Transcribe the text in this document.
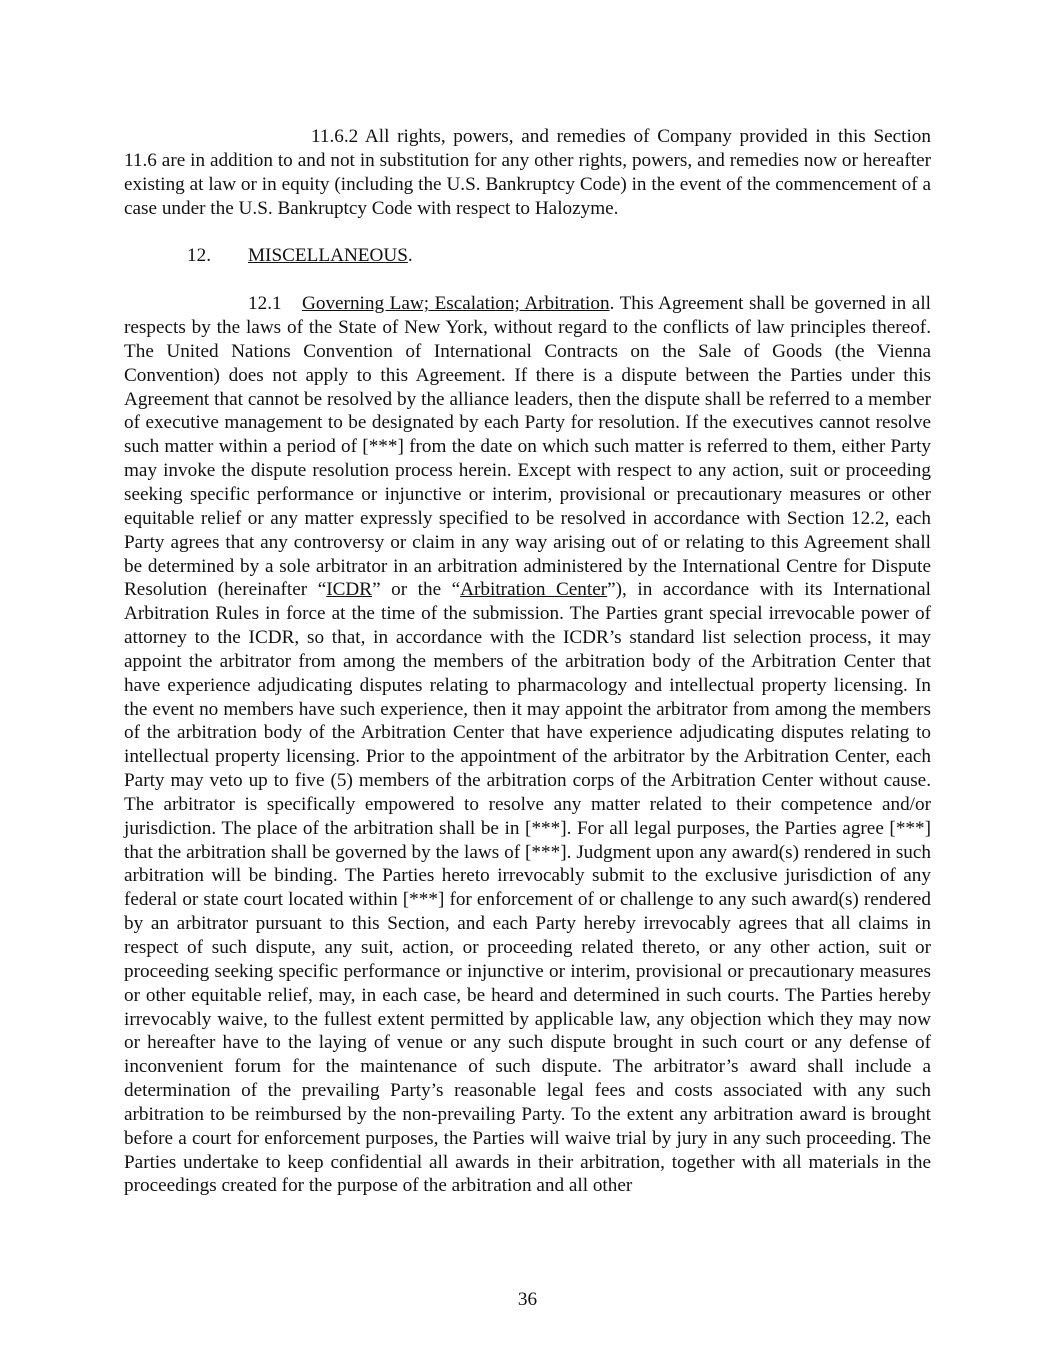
11.6.2 All rights, powers, and remedies of Company provided in this Section 11.6 are in addition to and not in substitution for any other rights, powers, and remedies now or hereafter existing at law or in equity (including the U.S. Bankruptcy Code) in the event of the commencement of a case under the U.S. Bankruptcy Code with respect to Halozyme.

12.	MISCELLANEOUS.

12.1 Governing Law; Escalation; Arbitration. This Agreement shall be governed in all respects by the laws of the State of New York, without regard to the conflicts of law principles thereof. The United Nations Convention of International Contracts on the Sale of Goods (the Vienna Convention) does not apply to this Agreement. If there is a dispute between the Parties under this Agreement that cannot be resolved by the alliance leaders, then the dispute shall be referred to a member of executive management to be designated by each Party for resolution. If the executives cannot resolve such matter within a period of [***] from the date on which such matter is referred to them, either Party may invoke the dispute resolution process herein. Except with respect to any action, suit or proceeding seeking specific performance or injunctive or interim, provisional or precautionary measures or other equitable relief or any matter expressly specified to be resolved in accordance with Section 12.2, each Party agrees that any controversy or claim in any way arising out of or relating to this Agreement shall be determined by a sole arbitrator in an arbitration administered by the International Centre for Dispute Resolution (hereinafter “ICDR” or the “Arbitration Center”), in accordance with its International Arbitration Rules in force at the time of the submission. The Parties grant special irrevocable power of attorney to the ICDR, so that, in accordance with the ICDR’s standard list selection process, it may appoint the arbitrator from among the members of the arbitration body of the Arbitration Center that have experience adjudicating disputes relating to pharmacology and intellectual property licensing. In the event no members have such experience, then it may appoint the arbitrator from among the members of the arbitration body of the Arbitration Center that have experience adjudicating disputes relating to intellectual property licensing. Prior to the appointment of the arbitrator by the Arbitration Center, each Party may veto up to five (5) members of the arbitration corps of the Arbitration Center without cause. The arbitrator is specifically empowered to resolve any matter related to their competence and/or jurisdiction. The place of the arbitration shall be in [***]. For all legal purposes, the Parties agree [***] that the arbitration shall be governed by the laws of [***]. Judgment upon any award(s) rendered in such arbitration will be binding. The Parties hereto irrevocably submit to the exclusive jurisdiction of any federal or state court located within [***] for enforcement of or challenge to any such award(s) rendered by an arbitrator pursuant to this Section, and each Party hereby irrevocably agrees that all claims in respect of such dispute, any suit, action, or proceeding related thereto, or any other action, suit or proceeding seeking specific performance or injunctive or interim, provisional or precautionary measures or other equitable relief, may, in each case, be heard and determined in such courts. The Parties hereby irrevocably waive, to the fullest extent permitted by applicable law, any objection which they may now or hereafter have to the laying of venue or any such dispute brought in such court or any defense of inconvenient forum for the maintenance of such dispute. The arbitrator’s award shall include a determination of the prevailing Party’s reasonable legal fees and costs associated with any such arbitration to be reimbursed by the non-prevailing Party. To the extent any arbitration award is brought before a court for enforcement purposes, the Parties will waive trial by jury in any such proceeding. The Parties undertake to keep confidential all awards in their arbitration, together with all materials in the proceedings created for the purpose of the arbitration and all other

36
